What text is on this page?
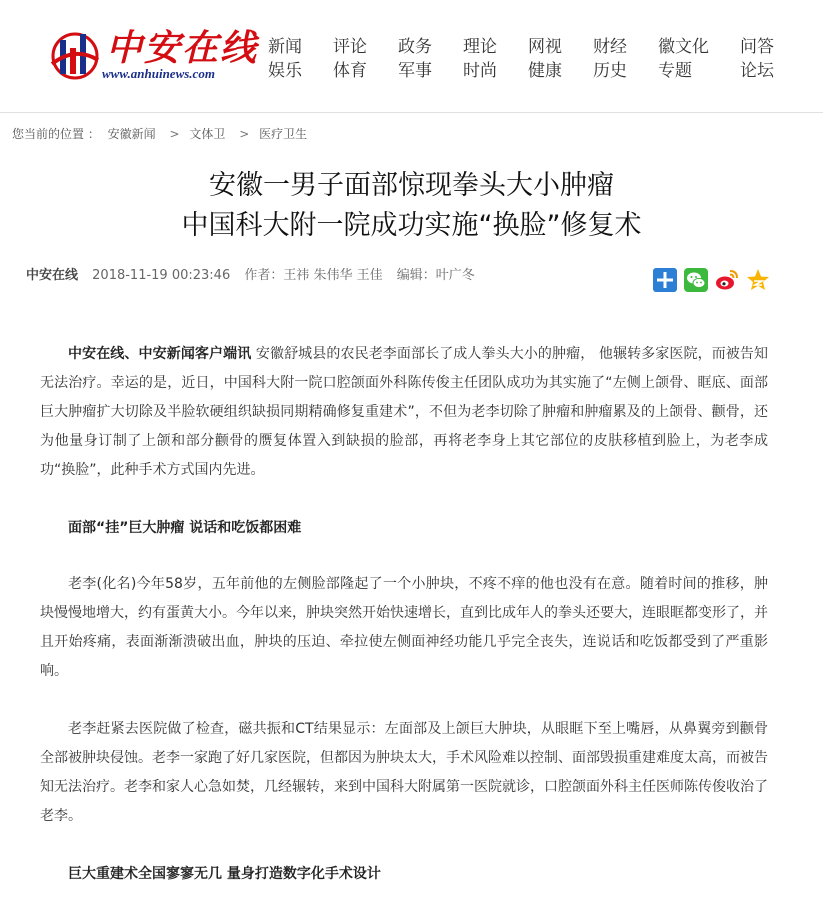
中安在线
www.anhuinews.com
新闻
娱乐
评论
体育
政务
军事
理论
时尚
网视
健康
财经
历史
徽文化
专题
问答
论坛
您当前的位置 ： 安徽新闻 > 文体卫 > 医疗卫生
安徽一男子面部惊现拳头大小肿瘤
中国科大附一院成功实施“换脸”修复术
中安在线 2018-11-19 00:23:46 作者：王祎 朱伟华 王佳 编辑：叶广冬

中安在线、中安新闻客户端讯 安徽舒城县的农民老李面部长了成人拳头大小的肿瘤， 他辗转多家医院，而被告知无法治疗。幸运的是，近日，中国科大附一院口腔颌面外科陈传俊主任团队成功为其实施了“左侧上颌骨、眶底、面部巨大肿瘤扩大切除及半脸软硬组织缺损同期精确修复重建术”，不但为老李切除了肿瘤和肿瘤累及的上颌骨、颧骨，还为他量身订制了上颌和部分颧骨的赝复体置入到缺损的脸部，再将老李身上其它部位的皮肤移植到脸上，为老李成功“换脸”，此种手术方式国内先进。

面部“挂”巨大肿瘤 说话和吃饭都困难

老李(化名)今年58岁，五年前他的左侧脸部隆起了一个小肿块，不疼不痒的他也没有在意。随着时间的推移，肿块慢慢地增大，约有蛋黄大小。今年以来，肿块突然开始快速增长，直到比成年人的拳头还要大，连眼眶都变形了，并且开始疼痛，表面渐渐溃破出血，肿块的压迫、牵拉使左侧面神经功能几乎完全丧失，连说话和吃饭都受到了严重影响。

老李赶紧去医院做了检查，磁共振和CT结果显示：左面部及上颌巨大肿块，从眼眶下至上嘴唇，从鼻翼旁到颧骨全部被肿块侵蚀。老李一家跑了好几家医院，但都因为肿块太大，手术风险难以控制、面部毁损重建难度太高，而被告知无法治疗。老李和家人心急如焚，几经辗转，来到中国科大附属第一医院就诊，口腔颌面外科主任医师陈传俊收治了老李。

巨大重建术全国寥寥无几 量身打造数字化手术设计
